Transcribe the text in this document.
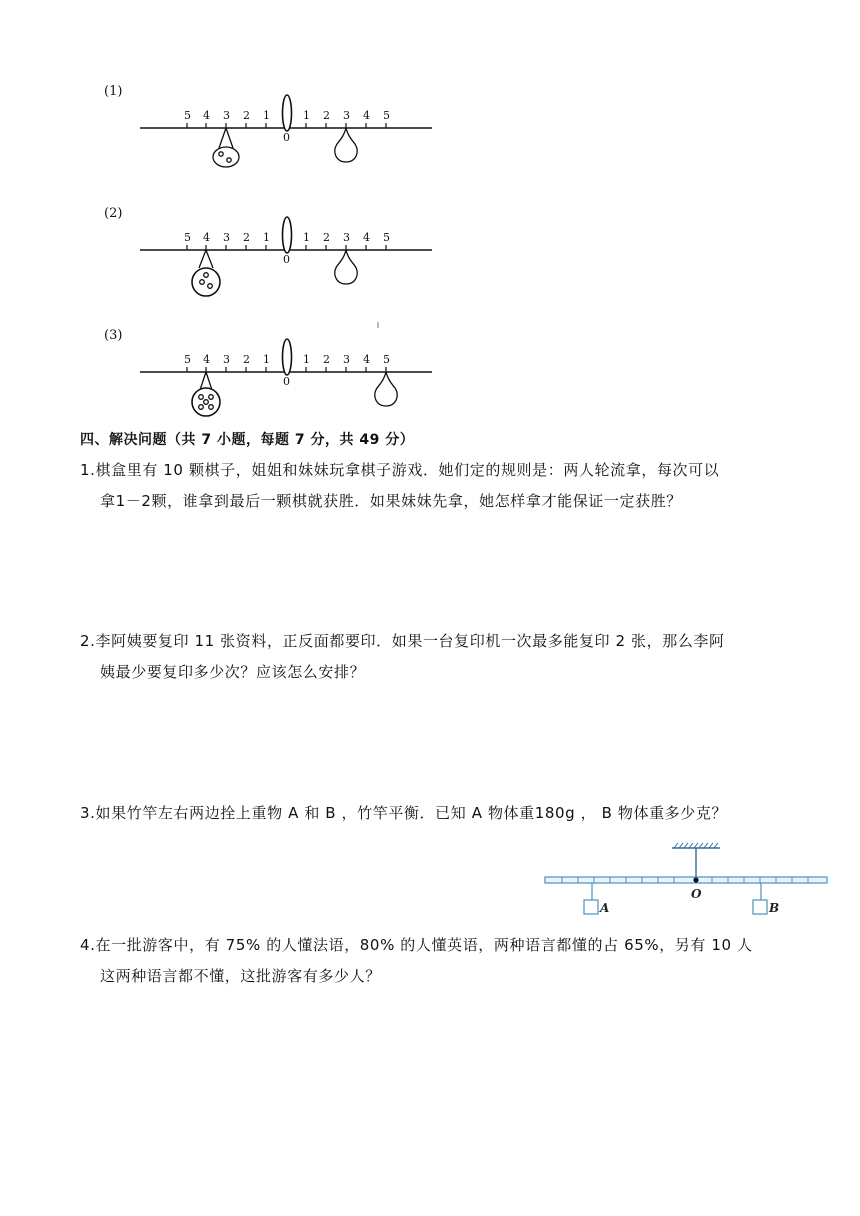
(1)
5 4 3 2 1
0
1 2 3 4 5
(2)
5 4 3 2 1
0
1 2 3 4 5
(3)
5 4 3 2 1
0
1 2 3 4 5
四、解决问题（共 7 小题，每题 7 分，共 49 分）
1.棋盒里有 10 颗棋子，姐姐和妹妹玩拿棋子游戏．她们定的规则是：两人轮流拿，每次可以
拿1－2颗，谁拿到最后一颗棋就获胜．如果妹妹先拿，她怎样拿才能保证一定获胜？
2.李阿姨要复印 11 张资料，正反面都要印．如果一台复印机一次最多能复印 2 张，那么李阿
姨最少要复印多少次？应该怎么安排？
3.如果竹竿左右两边拴上重物 A 和 B ，竹竿平衡．已知 A 物体重180g ， B 物体重多少克？
A
O
B
4.在一批游客中，有 75% 的人懂法语，80% 的人懂英语，两种语言都懂的占 65%，另有 10 人
这两种语言都不懂，这批游客有多少人？
